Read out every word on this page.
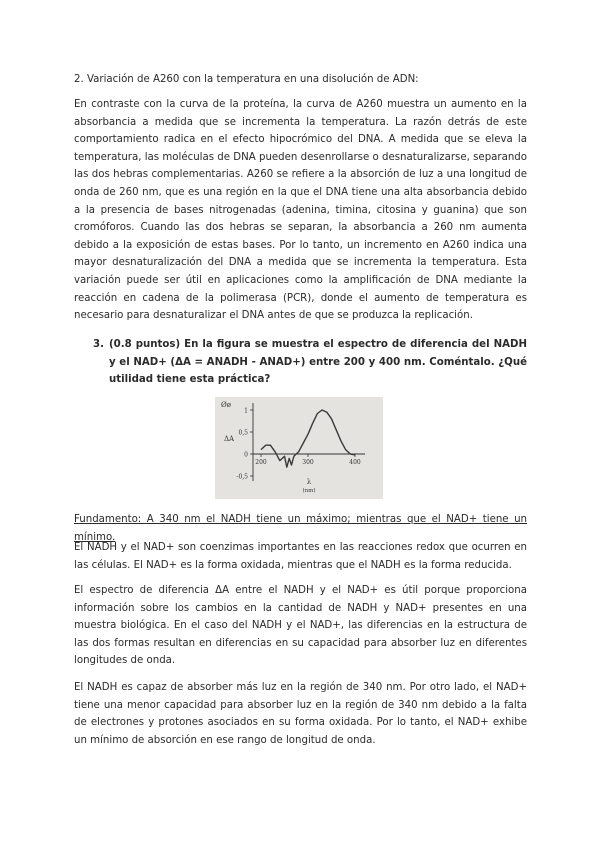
2. Variación de A260 con la temperatura en una disolución de ADN:

En contraste con la curva de la proteína, la curva de A260 muestra un aumento en la absorbancia a medida que se incrementa la temperatura. La razón detrás de este comportamiento radica en el efecto hipocrómico del DNA. A medida que se eleva la temperatura, las moléculas de DNA pueden desenrollarse o desnaturalizarse, separando las dos hebras complementarias. A260 se refiere a la absorción de luz a una longitud de onda de 260 nm, que es una región en la que el DNA tiene una alta absorbancia debido a la presencia de bases nitrogenadas (adenina, timina, citosina y guanina) que son cromóforos. Cuando las dos hebras se separan, la absorbancia a 260 nm aumenta debido a la exposición de estas bases. Por lo tanto, un incremento en A260 indica una mayor desnaturalización del DNA a medida que se incrementa la temperatura. Esta variación puede ser útil en aplicaciones como la amplificación de DNA mediante la reacción en cadena de la polimerasa (PCR), donde el aumento de temperatura es necesario para desnaturalizar el DNA antes de que se produzca la replicación.

3. (0.8 puntos) En la figura se muestra el espectro de diferencia del NADH y el NAD+ (ΔA = ANADH - ANAD+) entre 200 y 400 nm. Coméntalo. ¿Qué utilidad tiene esta práctica?
Øø
ΔA
λ
(nm)
1
0,5
0
-0,5
200	300	400

Fundamento: A 340 nm el NADH tiene un máximo; mientras que el NAD+ tiene un mínimo.

El NADH y el NAD+ son coenzimas importantes en las reacciones redox que ocurren en las células. El NAD+ es la forma oxidada, mientras que el NADH es la forma reducida.

El espectro de diferencia ΔA entre el NADH y el NAD+ es útil porque proporciona información sobre los cambios en la cantidad de NADH y NAD+ presentes en una muestra biológica. En el caso del NADH y el NAD+, las diferencias en la estructura de las dos formas resultan en diferencias en su capacidad para absorber luz en diferentes longitudes de onda.

El NADH es capaz de absorber más luz en la región de 340 nm. Por otro lado, el NAD+ tiene una menor capacidad para absorber luz en la región de 340 nm debido a la falta de electrones y protones asociados en su forma oxidada. Por lo tanto, el NAD+ exhibe un mínimo de absorción en ese rango de longitud de onda.
